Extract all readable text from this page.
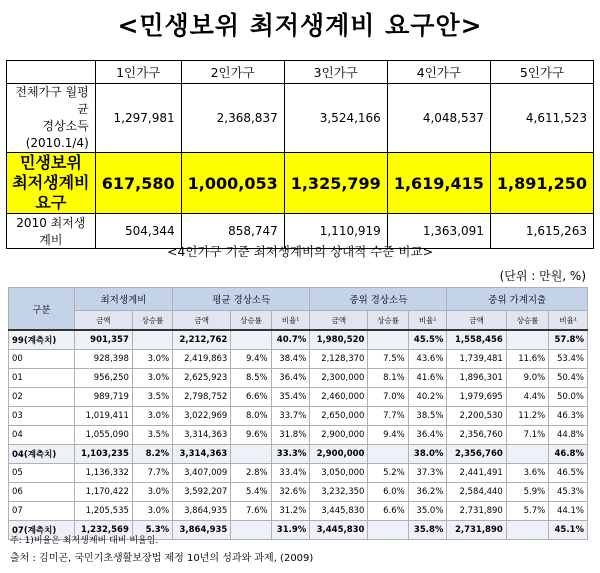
<민생보위 최저생계비 요구안>
	1인가구	2인가구	3인가구	4인가구	5인가구
전체가구 월평균
경상소득(2010.1/4)	1,297,981	2,368,837	3,524,166	4,048,537	4,611,523
민생보위
최저생계비
요구	617,580	1,000,053	1,325,799	1,619,415	1,891,250
2010 최저생계비	504,344	858,747	1,110,919	1,363,091	1,615,263
<4인가구 기준 최저생계비의 상대적 수준 비교>
(단위 : 만원, %)
구분	최저생계비		평균 경상소득			중위 경상소득			중위 가계지출		
	금액	상승률	금액	상승률	비율¹	금액	상승률	비율¹	금액	상승률	비율¹
99(계측치)	901,357		2,212,762		40.7%	1,980,520		45.5%	1,558,456		57.8%
00	928,398	3.0%	2,419,863	9.4%	38.4%	2,128,370	7.5%	43.6%	1,739,481	11.6%	53.4%
01	956,250	3.0%	2,625,923	8.5%	36.4%	2,300,000	8.1%	41.6%	1,896,301	9.0%	50.4%
02	989,719	3.5%	2,798,752	6.6%	35.4%	2,460,000	7.0%	40.2%	1,979,695	4.4%	50.0%
03	1,019,411	3.0%	3,022,969	8.0%	33.7%	2,650,000	7.7%	38.5%	2,200,530	11.2%	46.3%
04	1,055,090	3.5%	3,314,363	9.6%	31.8%	2,900,000	9.4%	36.4%	2,356,760	7.1%	44.8%
04(계측치)	1,103,235	8.2%	3,314,363		33.3%	2,900,000		38.0%	2,356,760		46.8%
05	1,136,332	7.7%	3,407,009	2.8%	33.4%	3,050,000	5.2%	37.3%	2,441,491	3.6%	46.5%
06	1,170,422	3.0%	3,592,207	5.4%	32.6%	3,232,350	6.0%	36.2%	2,584,440	5.9%	45.3%
07	1,205,535	3.0%	3,864,935	7.6%	31.2%	3,445,830	6.6%	35.0%	2,731,890	5.7%	44.1%
07(계측치)	1,232,569	5.3%	3,864,935		31.9%	3,445,830		35.8%	2,731,890		45.1%
주: 1)비율은 최저생계비 대비 비율임.
출처 : 김미곤, 국민기초생활보장법 제정 10년의 성과와 과제, (2009)
